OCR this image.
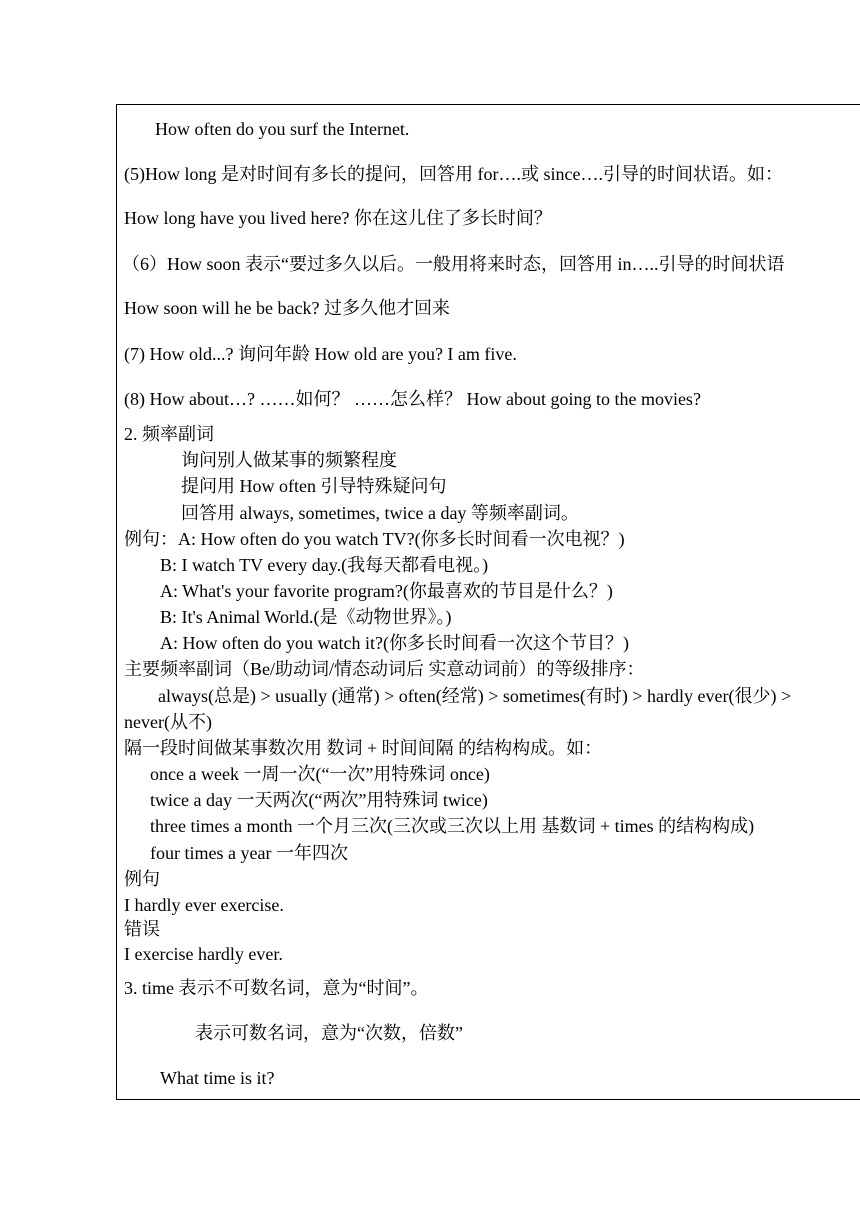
How often do you surf the Internet.
(5)How long 是对时间有多长的提问，回答用 for….或 since….引导的时间状语。如：
How long have you lived here? 你在这儿住了多长时间？
（6）How soon 表示“要过多久以后。一般用将来时态，回答用 in…..引导的时间状语
How soon will he be back? 过多久他才回来
(7) How old...? 询问年龄 How old are you? I am five.
(8) How about…? ……如何？ ……怎么样？ How about going to the movies?
2. 频率副词
询问别人做某事的频繁程度
提问用 How often 引导特殊疑问句
回答用 always, sometimes, twice a day 等频率副词。
例句：A: How often do you watch TV?(你多长时间看一次电视？)
B: I watch TV every day.(我每天都看电视。)
A: What's your favorite program?(你最喜欢的节目是什么？)
B: It's Animal World.(是《动物世界》。)
A: How often do you watch it?(你多长时间看一次这个节目？)
主要频率副词（Be/助动词/情态动词后 实意动词前）的等级排序：
always(总是) > usually (通常) > often(经常) > sometimes(有时) > hardly ever(很少) >
never(从不)
隔一段时间做某事数次用 数词 + 时间间隔 的结构构成。如：
once a week 一周一次(“一次”用特殊词 once)
twice a day 一天两次(“两次”用特殊词 twice)
three times a month 一个月三次(三次或三次以上用 基数词 + times 的结构构成)
four times a year 一年四次
例句
I hardly ever exercise.
错误
I exercise hardly ever.
3. time 表示不可数名词，意为“时间”。
表示可数名词，意为“次数，倍数”
What time is it?
